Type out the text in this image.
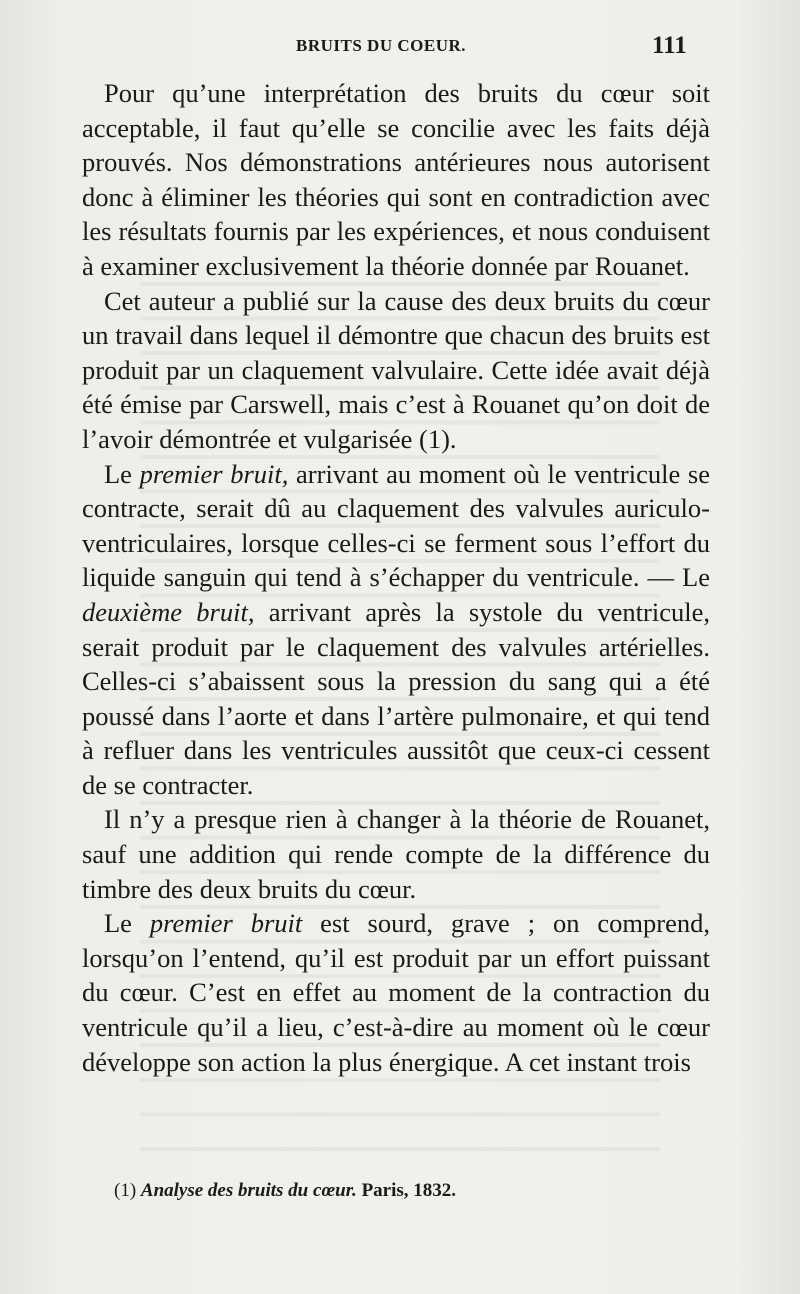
BRUITS DU COEUR.	111

Pour qu’une interprétation des bruits du cœur soit acceptable, il faut qu’elle se concilie avec les faits déjà prouvés. Nos démonstrations antérieures nous autorisent donc à éliminer les théories qui sont en contradiction avec les résultats fournis par les expériences, et nous conduisent à examiner exclusivement la théorie donnée par Rouanet.

Cet auteur a publié sur la cause des deux bruits du cœur un travail dans lequel il démontre que chacun des bruits est produit par un claquement valvulaire. Cette idée avait déjà été émise par Carswell, mais c’est à Rouanet qu’on doit de l’avoir démontrée et vulgarisée (1).

Le premier bruit, arrivant au moment où le ventricule se contracte, serait dû au claquement des valvules auriculo-ventriculaires, lorsque celles-ci se ferment sous l’effort du liquide sanguin qui tend à s’échapper du ventricule. — Le deuxième bruit, arrivant après la systole du ventricule, serait produit par le claquement des valvules artérielles. Celles-ci s’abaissent sous la pression du sang qui a été poussé dans l’aorte et dans l’artère pulmonaire, et qui tend à refluer dans les ventricules aussitôt que ceux-ci cessent de se contracter.

Il n’y a presque rien à changer à la théorie de Rouanet, sauf une addition qui rende compte de la différence du timbre des deux bruits du cœur.

Le premier bruit est sourd, grave ; on comprend, lorsqu’on l’entend, qu’il est produit par un effort puissant du cœur. C’est en effet au moment de la contraction du ventricule qu’il a lieu, c’est-à-dire au moment où le cœur développe son action la plus énergique. A cet instant trois

(1) Analyse des bruits du cœur. Paris, 1832.
